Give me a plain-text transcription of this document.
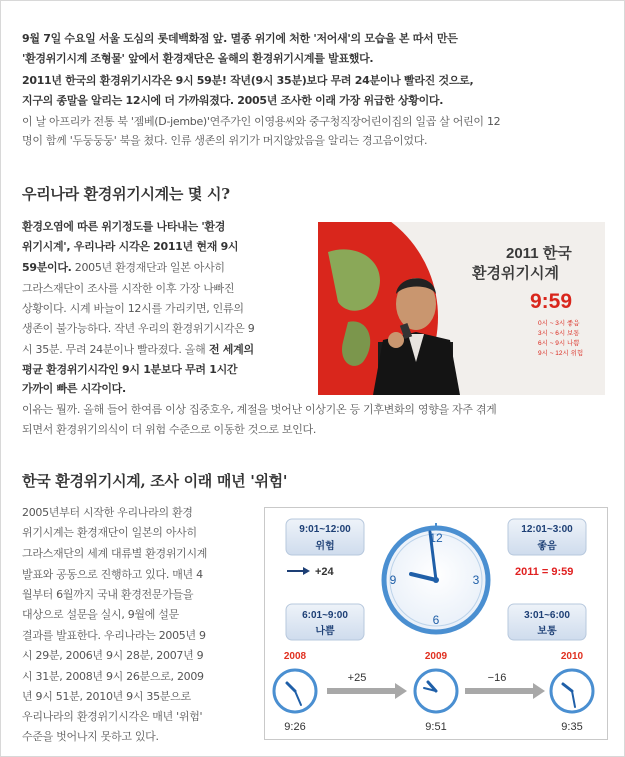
9월 7일 수요일 서울 도심의 롯데백화점 앞. 멸종 위기에 처한 '저어새'의 모습을 본 따서 만든
'환경위기시계 조형물' 앞에서 환경재단은 올해의 환경위기시계를 발표했다.
2011년 한국의 환경위기시각은 9시 59분! 작년(9시 35분)보다 무려 24분이나 빨라진 것으로,
지구의 종말을 알리는 12시에 더 가까워졌다. 2005년 조사한 이래 가장 위급한 상황이다.
이 날 아프리카 전통 북 '젬베(D-jembe)'연주가인 이영용씨와 중구청직장어린이집의 일곱 살 어린이 12
명이 함께 '두둥둥둥' 북을 쳤다. 인류 생존의 위기가 머지않았음을 알리는 경고음이었다.
우리나라 환경위기시계는 몇 시?
환경오염에 따른 위기정도를 나타내는 '환경
위기시계', 우리나라 시각은 2011년 현재 9시
59분이다. 2005년 환경재단과 일본 아사히
그라스재단이 조사를 시작한 이후 가장 나빠진
상황이다. 시계 바늘이 12시를 가리키면, 인류의
생존이 불가능하다. 작년 우리의 환경위기시각은 9
시 35분. 무려 24분이나 빨라졌다. 올해 전 세계의
평균 환경위기시각인 9시 1분보다 무려 1시간
가까이 빠른 시각이다.
이유는 뭘까. 올해 들어 한여름 이상 집중호우, 계절을 벗어난 이상기온 등 기후변화의 영향을 자주 겪게
되면서 환경위기의식이 더 위험 수준으로 이동한 것으로 보인다.
2011 한국
환경위기시계
9:59
0시 ~ 3시 좋음
3시 ~ 6시 보통
6시 ~ 9시 나쁨
9시 ~ 12시 위험
한국 환경위기시계, 조사 이래 매년 '위험'
2005년부터 시작한 우리나라의 환경
위기시계는 환경재단이 일본의 아사히
그라스재단의 세계 대류별 환경위기시계
발표와 공동으로 진행하고 있다. 매년 4
월부터 6월까지 국내 환경전문가들을
대상으로 설문을 실시, 9월에 설문
결과를 발표한다. 우리나라는 2005년 9
시 29분, 2006년 9시 28분, 2007년 9
시 31분, 2008년 9시 26분으로, 2009
년 9시 51분, 2010년 9시 35분으로
우리나라의 환경위기시각은 매년 '위험'
수준을 벗어나지 못하고 있다.
9:01~12:00
위험
12:01~3:00
좋음
6:01~9:00
나쁨
3:01~6:00
보통
+24	2011 = 9:59
12
3
6
9
2008
9:26
2009
9:51
2010
9:35
+25	−16
